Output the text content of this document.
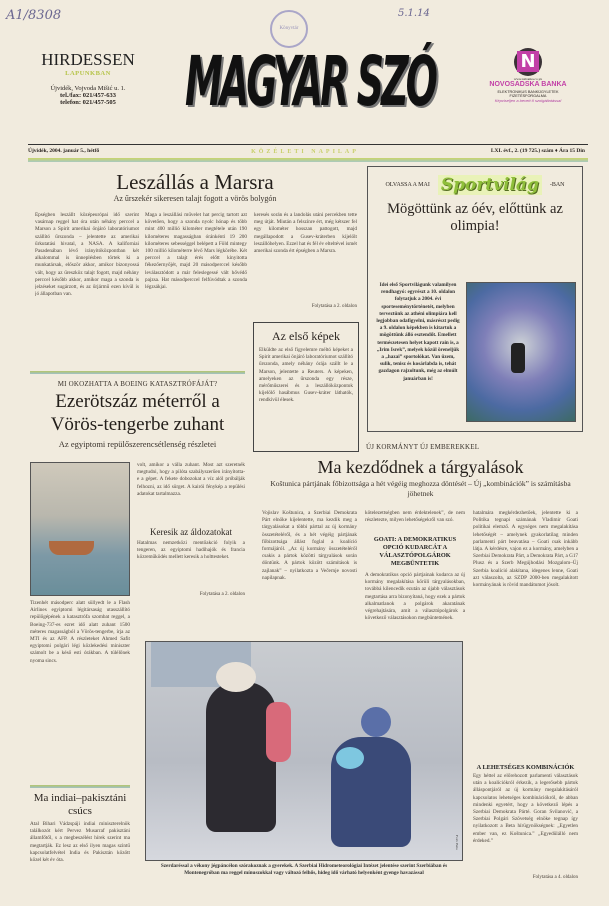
A1/8308	5.1.14
Könyvtár
HIRDESSEN
LAPUNKBAN
Újvidék, Vojvoda Mišić u. 1.
tel./fax: 021/457-633
telefon: 021/457-505	MAGYAR SZÓ	N
www.nsbanka.co.yu
NOVOSADSKA BANKA
ELEKTRONIKUS BANKÜGYLETEK
FIZETÉSFORGALMA
Képviseljen a bevett ő szolgáltatással
Újvidék, 2004. január 5., hétfő	KÖZÉLETI NAPILAP	LXI. évf., 2. (19 725.) szám ♦ Ára 15 Din
Leszállás a Marsra
Az űrszekér sikeresen talajt fogott a vörös bolygón
Épségben leszállt középeurópai idő szerint vasárnap reggel hat óra után néhány perccel a Marson a Spirit amerikai önjáró laboratóriumot szállító űrszonda – jelentette az amerikai űrkutatási hivatal, a NASA. A kaliforniai Pasadenában lévő irányítóközpontban két alkalommal is ünneplésben törtek ki a munkatársak, először akkor, amikor bizonyossá vált, hogy az űreszköz talajt fogott, majd néhány perccel később akkor, amikor maga a szonda is jelzéseket sugárzott, és az űrjármű ezen kívül is jó állapotban van.
Maga a leszállási művelet hat percig tartott azt követően, hogy a szonda nyolc hónap és több mint 400 millió kilométer megtétele után 190 kilométeres magasságban óránkénti 19 200 kilométeres sebességgel belépett a Föld mintegy 100 millió kilométerre lévő Mars légkörébe. Két perccel a talajt érés előtt kinyitotta fékezőernyőjét, majd 20 másodperccel később leválasztódott a már feleslegessé vált hővédő pajzsa. Hat másodperccel felfúvódtak a szonda légzsákjai.
keresés során és a landolás utáni percekben tette meg útját. Miután a felszínre ért, még kétszer fel egy kilométer hosszan pattogott, majd megállapodott a Gusev-kráterben kijelölt leszállóhelyen. Ezzel hat és fél év elteltével ismét amerikai szonda ért épségben a Marsra.
Folytatása a 2. oldalon
Az első képek
Elküldte az első figyelemre méltó képeket a Spirit amerikai önjáró laboratóriumot szállító űrszonda, amely néhány órája szállt le a Marson, jelentette a Reuters. A képeken, amelyeken az űrszonda egy része, mérőműszerei és a leszállóközpontok kijelölő hasábmus Gusev-kráter láthatók, rendkívül élesek.
MI OKOZHATTA A BOEING KATASZTRÓFÁJÁT?
Ezerötszáz méterről a Vörös-tengerbe zuhant
Az egyiptomi repülőszerencsétlenség részletei
Tizenhét másodperc alatt süllyedt le a Flash Airlines egyiptomi légitársaság utasszállító repülőgépének a katasztrófa szombat reggel, a Boeing-737-es ezret idő alatt zuhant 1500 méteres magasságból a Vörös-tengerbe, írja az MTI és az AFP. A részleteket Ahmed Safit egyiptomi polgári légi közlekedési miniszter számolt be a késő esti órákban. A túlélőnek nyoma sincs.
volt, amikor a válla zuhant. Most azt szeretnék megtudni, hogy a pilóta szabályszerűen irányította-e a gépet. A fekete dobozokat a víz alól próbálják felhozni, az idő sürget. A kairói fénykép a repülési adatokat tartalmazza.
Keresik az áldozatokat
Hatalmas nemzetközi mentőakció folyik a tengeren, az egyiptomi hadihajók és francia közreműködés mellett keresik a holttesteket.
Folytatása a 2. oldalon
Ma indiai–pakisztáni csúcs
Atal Bihari Vádzspáji indiai miniszterelnök találkozót kért Pervez Musarraf pakisztáni államfőtől, s a megbeszélést hírek szerint ma megtartják. Ez lesz az első ilyen magas szintű kapcsolatfelvétel India és Pakisztán között közel két év óta.
OLVASSA A MAI Sportvilág	-BAN
Mögöttünk az óév, előttünk az olimpia!
Idei első Sportvilágunk valamilyen rendhagyó: egyrészt a 10. oldalon folytatjuk a 2004. évi sporteseménytörténetét, melyben terveztünk az athéni olimpiára kell legjobban odafigyelni, másrészt pedig a 9. oldalon képekben is kitartuk a mögöttünk álló esztendőt. Emellett természetesen helyet kapott rain is, a „Irim Isrek”, melyek közül öreneljük a „hazai” sportolókat. Van üzem, sulik, tenisz és kosárlabda is, tehát gazdagon rajzoltunk, még az elmúlt januárban is!
ÚJ KORMÁNYT ÚJ EMBEREKKEL
Ma kezdődnek a tárgyalások
Koštunica pártjának főbizottsága a hét végéig meghozza döntését – Új „kombinációk” is számításba jöhetnek
Vojislav Koštunica, a Szerbiai Demokrata Párt elnöke kijelentette, ma kezdik meg a tárgyalásokat a többi párttal az új kormány összetételéről, és a hét végéig pártjának főbizottsága állást foglal a koalíció formájáról. „Az új kormány összetételéről csakis a pártok közötti tárgyalások során döntünk. A pártok között számítások is zajlanak” – nyilatkozta a Večernje novosti napilapnak.
kötelezettségben nem érdektelenek”, de nem részletezte, milyen lehetőségekről van szó.
GOATI: A DEMOKRATIKUS OPCIÓ KUDARCÁT A VÁLASZTÓPOLGÁROK MEGBÜNTETIK
A demokratikus opció pártjainak kudarca az új kormány megalakítása körüli tárgyalásokban, továbbá kilencedik ezután az újabb választások megtartása arra bizonyítaná, hogy ezek a pártok alkalmatlanok a polgárok akaratának végrehajtására, amit a választópolgárok a következő választásokon megbüntetnének.
hatalmára megkérdezhetőek, jelentette ki a Politika tegnapi számának Vladimir Goati politikai elemző. A egységes nem megalakítása lehetőségét – amelynek gyakorlatilag minden parlamenti párt beavatása – Goati csak inkább látja. A kérdésre, vajon ez a kormány, amelyben a Szerbiai Demokrata Párt, a Demokrata Párt, a G17 Plusz és a Szerb Megújhodási Mozgalom–Új Szerbia koalíció alakítana, idegenes lenne, Goati azt válaszolta, az SZDP 2000-ben megalakított kormányának is rövid mandátumot jósolt.
A LEHETSÉGES KOMBINÁCIÓK
Egy héttel az előrehozott parlamenti választások után a koalíciókról érkezik, a legerősebb pártok álláspontjáról az új kormány megalakításáról kapcsolatos lehetséges kombinációkról, de abban mindenki egyetért, hogy a következő lépés a Szerbiai Demokrata Párté. Goran Svilanović, a Szerbiai Polgári Szövetség elnöke tegnap így nyilatkozott a Beta hírügynökségnek: „Egyetlen ember van, ez Koštunica.” „Egyedülálló nem érdeked.”
Folytatása a 4. oldalon
Fotó: Beta
Szerdaréssal a vékony jégpáncélon szórakoznak a gyerekek. A Szerbiai Hidrometeorológiai Intézet jelentése szerint Szerbiában és Montenegróban ma reggel mínuszokkal vagy változó felhős, hideg idő várható helyenként gyenge havazással
